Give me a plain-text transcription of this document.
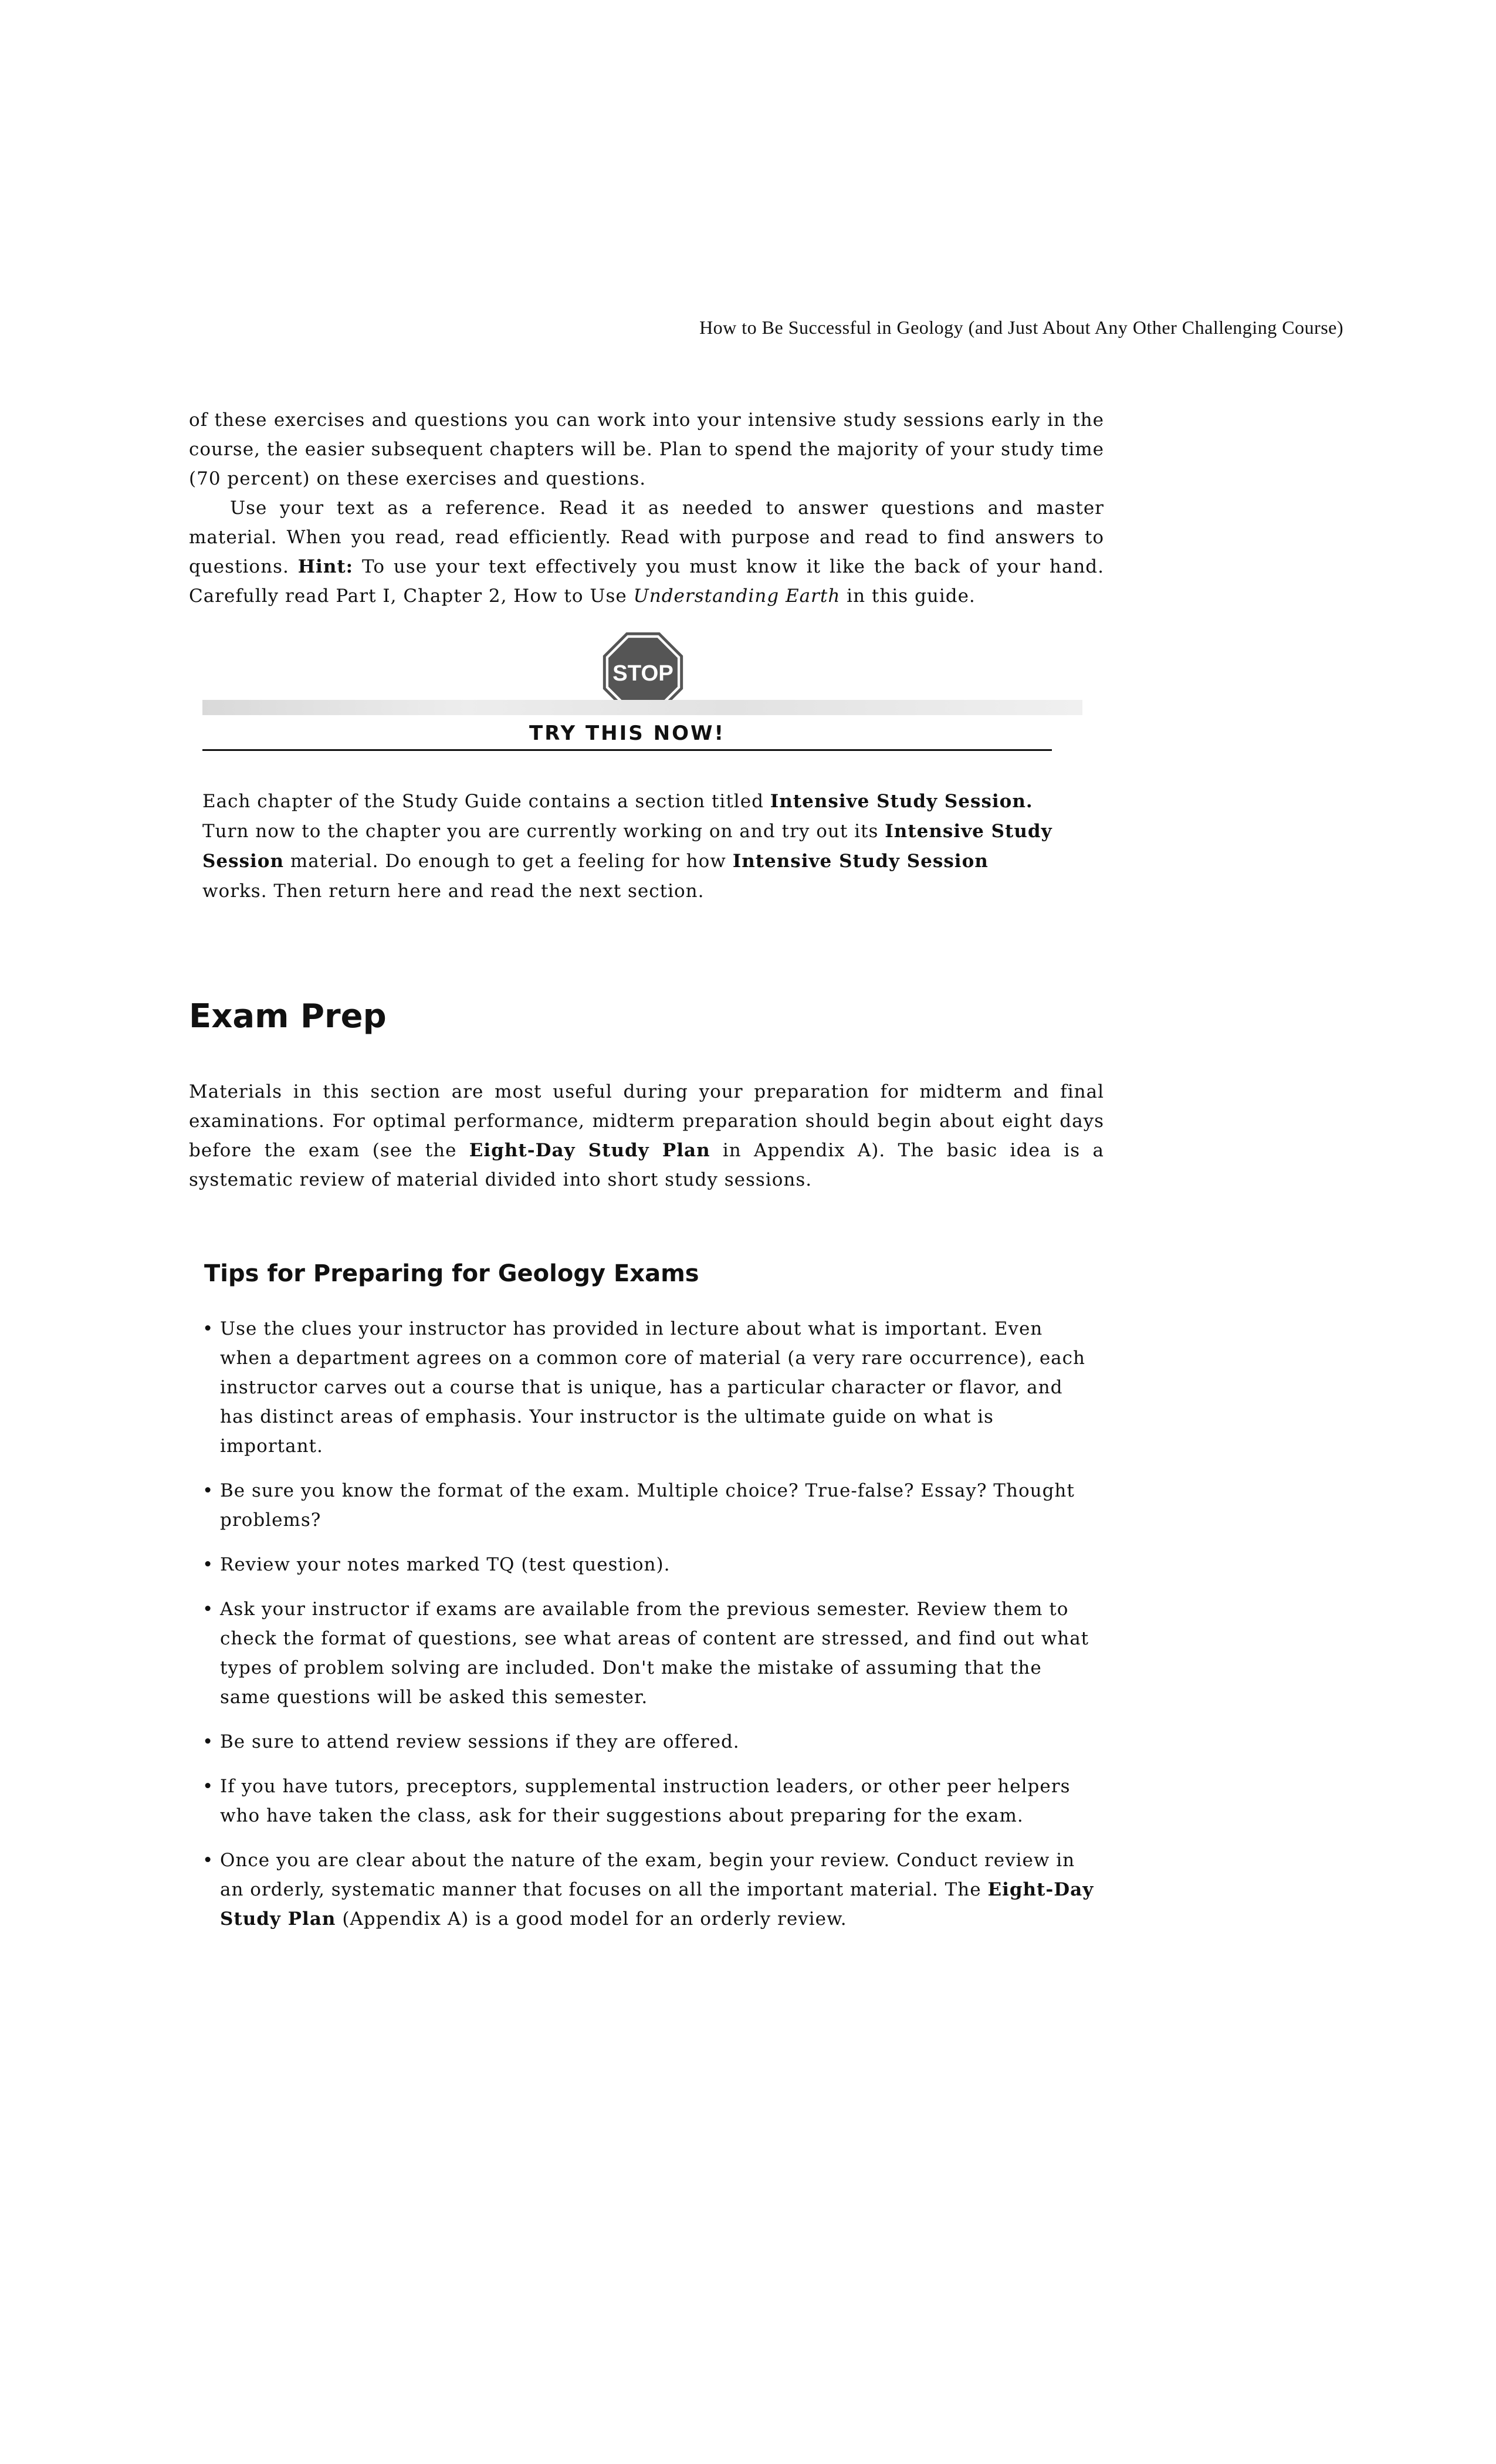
How to Be Successful in Geology (and Just About Any Other Challenging Course)

of these exercises and questions you can work into your intensive study sessions early in the course, the easier subsequent chapters will be. Plan to spend the majority of your study time (70 percent) on these exercises and questions.

Use your text as a reference. Read it as needed to answer questions and master material. When you read, read efficiently. Read with purpose and read to find answers to questions. Hint: To use your text effectively you must know it like the back of your hand. Carefully read Part I, Chapter 2, How to Use Understanding Earth in this guide.

STOP
TRY THIS NOW!

Each chapter of the Study Guide contains a section titled Intensive Study Session. Turn now to the chapter you are currently working on and try out its Intensive Study Session material. Do enough to get a feeling for how Intensive Study Session works. Then return here and read the next section.

Exam Prep

Materials in this section are most useful during your preparation for midterm and final examinations. For optimal performance, midterm preparation should begin about eight days before the exam (see the Eight-Day Study Plan in Appendix A). The basic idea is a systematic review of material divided into short study sessions.

Tips for Preparing for Geology Exams
• Use the clues your instructor has provided in lecture about what is important. Even when a department agrees on a common core of material (a very rare occurrence), each instructor carves out a course that is unique, has a particular character or flavor, and has distinct areas of emphasis. Your instructor is the ultimate guide on what is important.
• Be sure you know the format of the exam. Multiple choice? True-false? Essay? Thought problems?
• Review your notes marked TQ (test question).
• Ask your instructor if exams are available from the previous semester. Review them to check the format of questions, see what areas of content are stressed, and find out what types of problem solving are included. Don't make the mistake of assuming that the same questions will be asked this semester.
• Be sure to attend review sessions if they are offered.
• If you have tutors, preceptors, supplemental instruction leaders, or other peer helpers who have taken the class, ask for their suggestions about preparing for the exam.
• Once you are clear about the nature of the exam, begin your review. Conduct review in an orderly, systematic manner that focuses on all the important material. The Eight-Day Study Plan (Appendix A) is a good model for an orderly review.
